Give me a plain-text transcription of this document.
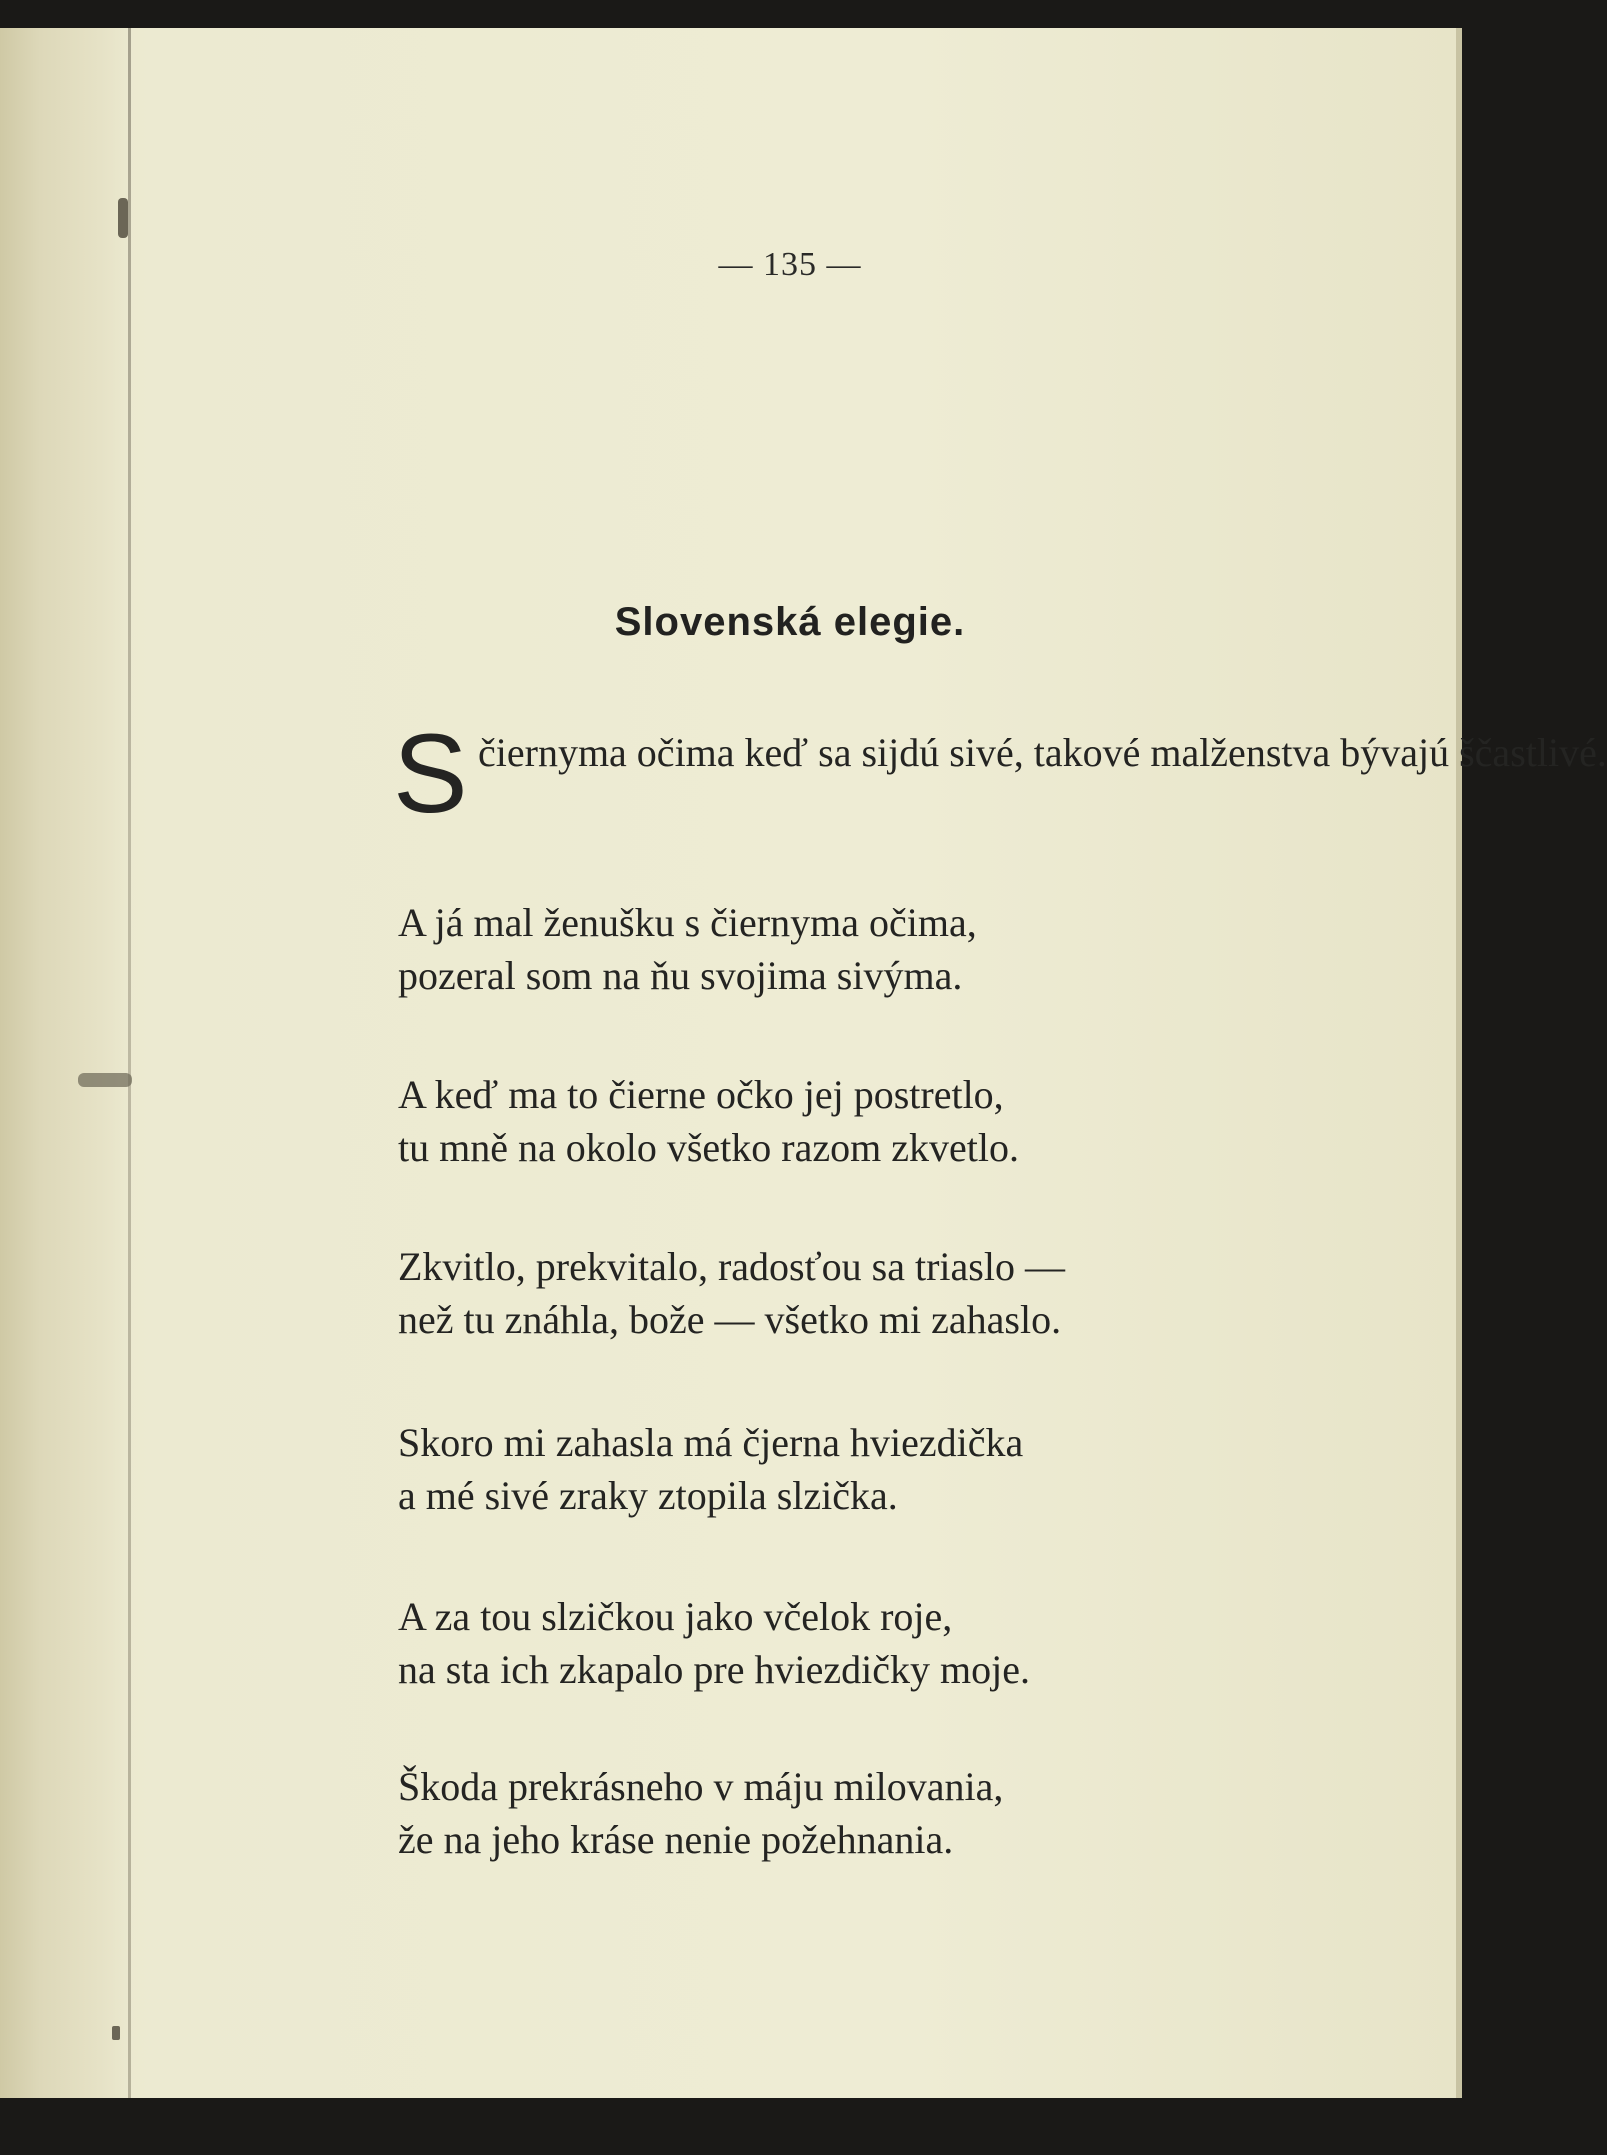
— 135 —
Slovenská elegie.
S čiernyma očima keď sa sijdú sivé, takové malženstva bývajú ščastlivé.
A já mal ženušku s čiernyma očima,
pozeral som na ňu svojima sivýma.
A keď ma to čierne očko jej postretlo,
tu mně na okolo všetko razom zkvetlo.
Zkvitlo, prekvitalo, radosťou sa triaslo —
než tu znáhla, bože — všetko mi zahaslo.
Skoro mi zahasla má čjerna hviezdička
a mé sivé zraky ztopila slzička.
A za tou slzičkou jako včelok roje,
na sta ich zkapalo pre hviezdičky moje.
Škoda prekrásneho v máju milovania,
že na jeho kráse nenie požehnania.
